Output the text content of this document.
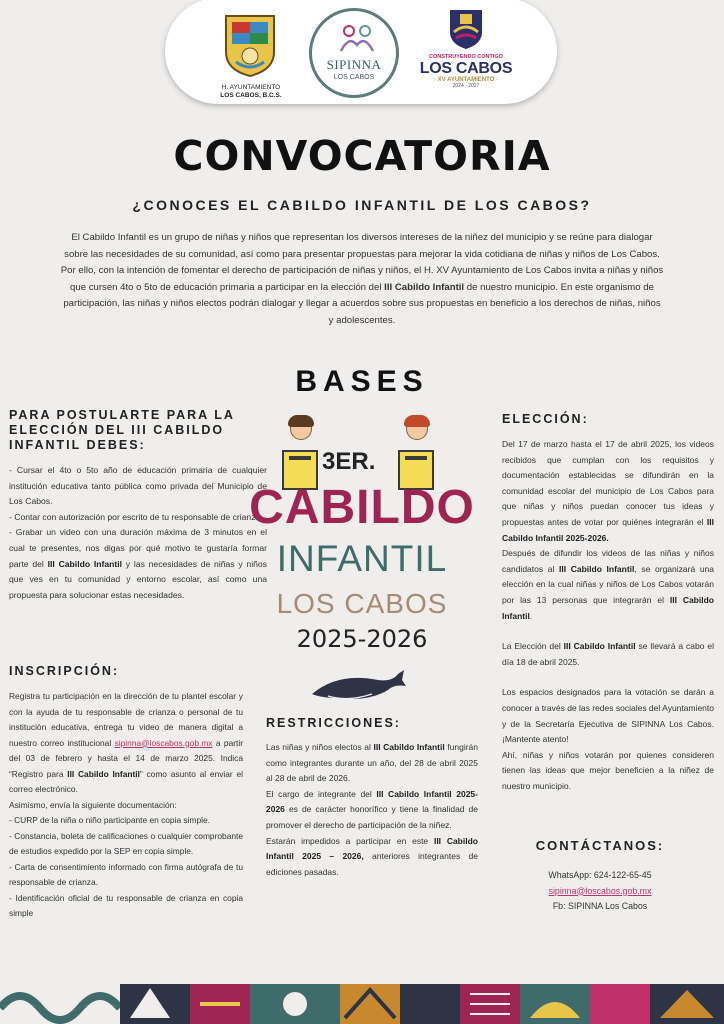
H. AYUNTAMIENTO
LOS CABOS, B.C.S.
SIPINNA
LOS CABOS
CONSTRUYENDO CONTIGO
LOS CABOS
· XV AYUNTAMIENTO ·
2024 - 2027
CONVOCATORIA
¿CONOCES EL CABILDO INFANTIL DE LOS CABOS?

El Cabildo Infantil es un grupo de niñas y niños que representan los diversos intereses de la niñez del municipio y se reúne para dialogar sobre las necesidades de su comunidad, así como para presentar propuestas para mejorar la vida cotidiana de niñas y niños de Los Cabos.

Por ello, con la intención de fomentar el derecho de participación de niñas y niños, el H. XV Ayuntamiento de Los Cabos invita a niñas y niños que cursen 4to o 5to de educación primaria a participar en la elección del III Cabildo Infantil de nuestro municipio. En este organismo de participación, las niñas y niños electos podrán dialogar y llegar a acuerdos sobre sus propuestas en beneficio a los derechos de niñas, niños y adolescentes.

BASES
PARA POSTULARTE PARA LA ELECCIÓN DEL III CABILDO INFANTIL DEBES:
- Cursar el 4to o 5to año de educación primaria de cualquier institución educativa tanto pública como privada del Municipio de Los Cabos.
- Contar con autorización por escrito de tu responsable de crianza.
- Grabar un video con una duración máxima de 3 minutos en el cual te presentes, nos digas por qué motivo te gustaría formar parte del III Cabildo Infantil y las necesidades de niñas y niños que ves en tu comunidad y entorno escolar, así como una propuesta para solucionar estas necesidades.
INSCRIPCIÓN:
Registra tu participación en la dirección de tu plantel escolar y con la ayuda de tu responsable de crianza o personal de tu institución educativa, entrega tu video de manera digital a nuestro correo institucional sipinna@loscabos.gob.mx a partir del 03 de febrero y hasta el 14 de marzo 2025. Indica “Registro para III Cabildo Infantil” como asunto al enviar el correo electrónico.
Asimismo, envía la siguiente documentación:
- CURP de la niña o niño participante en copia simple.
- Constancia, boleta de calificaciones o cualquier comprobante de estudios expedido por la SEP en copia simple.
- Carta de consentimiento informado con firma autógrafa de tu responsable de crianza.
- Identificación oficial de tu responsable de crianza en copia simple
3ER.
CABILDO
INFANTIL
LOS CABOS
2025-2026
RESTRICCIONES:
Las niñas y niños electos al III Cabildo Infantil fungirán como integrantes durante un año, del 28 de abril 2025 al 28 de abril de 2026.
El cargo de integrante del III Cabildo Infantil 2025-2026 es de carácter honorífico y tiene la finalidad de promover el derecho de participación de la niñez.
Estarán impedidos a participar en este III Cabildo Infantil 2025 – 2026, anteriores integrantes de ediciones pasadas.
ELECCIÓN:
Del 17 de marzo hasta el 17 de abril 2025, los videos recibidos que cumplan con los requisitos y documentación establecidas se difundirán en la comunidad escolar del municipio de Los Cabos para que niñas y niños puedan conocer tus ideas y propuestas antes de votar por quiénes integrarán el III Cabildo Infantil 2025-2026.
Después de difundir los videos de las niñas y niños candidatos al III Cabildo Infantil, se organizará una elección en la cual niñas y niños de Los Cabos votarán por las 13 personas que integrarán el III Cabildo Infantil.
La Elección del III Cabildo Infantil se llevará a cabo el día 18 de abril 2025.
Los espacios designados para la votación se darán a conocer a través de las redes sociales del Ayuntamiento y de la Secretaría Ejecutiva de SIPINNA Los Cabos. ¡Mantente atento!
Ahí, niñas y niños votarán por quienes consideren tienen las ideas que mejor beneficien a la niñez de nuestro municipio.
CONTÁCTANOS:
WhatsApp: 624-122-65-45
sipinna@loscabos.gob.mx
Fb: SIPINNA Los Cabos
